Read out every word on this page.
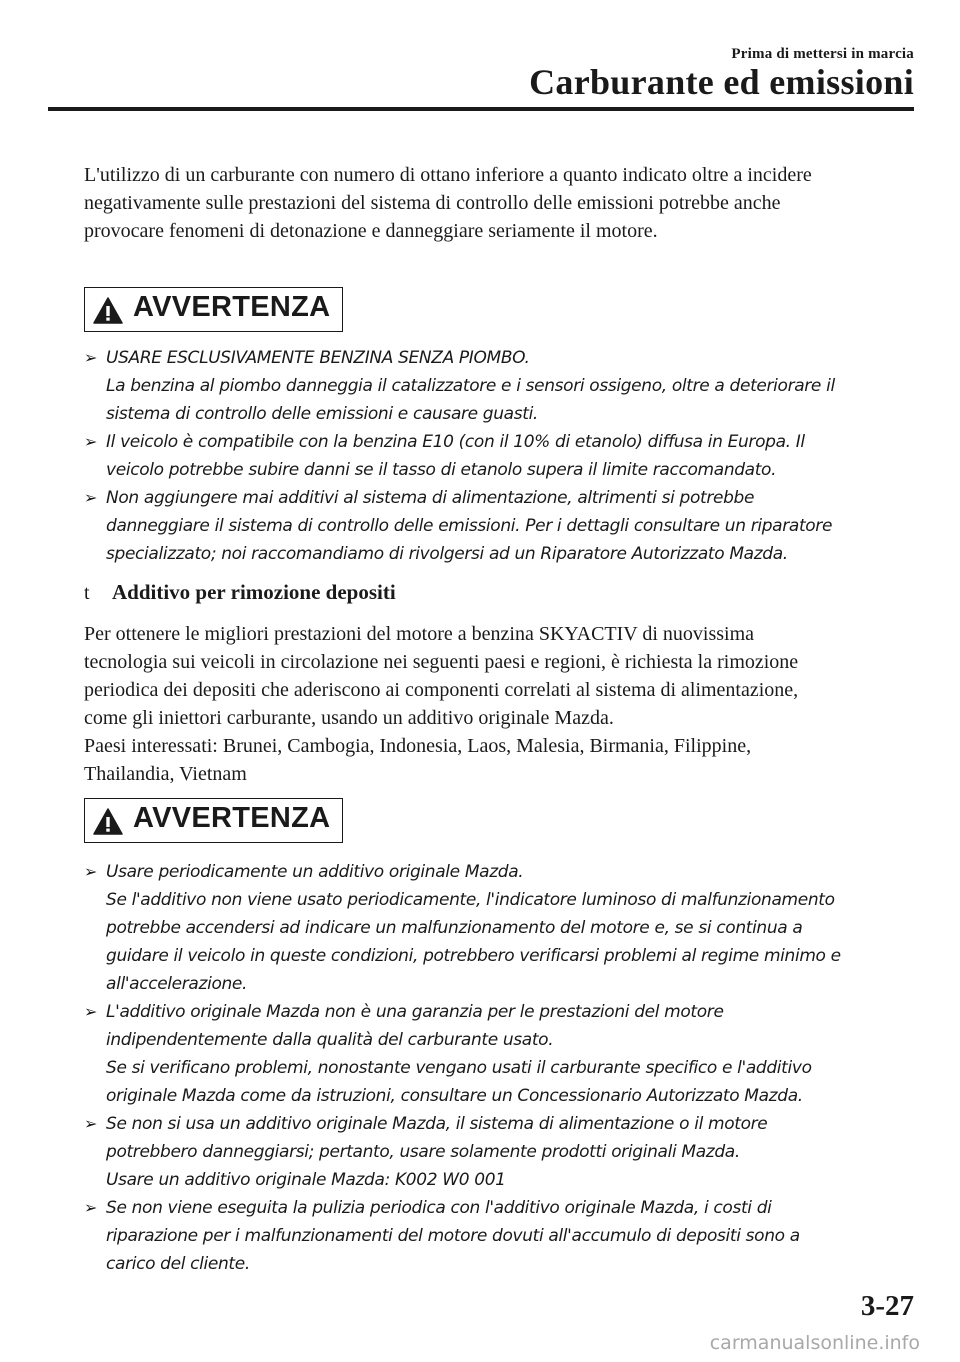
Prima di mettersi in marcia
Carburante ed emissioni

L'utilizzo di un carburante con numero di ottano inferiore a quanto indicato oltre a incidere

negativamente sulle prestazioni del sistema di controllo delle emissioni potrebbe anche

provocare fenomeni di detonazione e danneggiare seriamente il motore.

AVVERTENZA
➢ USARE ESCLUSIVAMENTE BENZINA SENZA PIOMBO.
La benzina al piombo danneggia il catalizzatore e i sensori ossigeno, oltre a deteriorare il
sistema di controllo delle emissioni e causare guasti.
➢ Il veicolo è compatibile con la benzina E10 (con il 10% di etanolo) diffusa in Europa. Il
veicolo potrebbe subire danni se il tasso di etanolo supera il limite raccomandato.
➢ Non aggiungere mai additivi al sistema di alimentazione, altrimenti si potrebbe
danneggiare il sistema di controllo delle emissioni. Per i dettagli consultare un riparatore
specializzato; noi raccomandiamo di rivolgersi ad un Riparatore Autorizzato Mazda.
t Additivo per rimozione depositi

Per ottenere le migliori prestazioni del motore a benzina SKYACTIV di nuovissima

tecnologia sui veicoli in circolazione nei seguenti paesi e regioni, è richiesta la rimozione

periodica dei depositi che aderiscono ai componenti correlati al sistema di alimentazione,

come gli iniettori carburante, usando un additivo originale Mazda.

Paesi interessati: Brunei, Cambogia, Indonesia, Laos, Malesia, Birmania, Filippine,

Thailandia, Vietnam

AVVERTENZA
➢ Usare periodicamente un additivo originale Mazda.
Se l'additivo non viene usato periodicamente, l'indicatore luminoso di malfunzionamento
potrebbe accendersi ad indicare un malfunzionamento del motore e, se si continua a
guidare il veicolo in queste condizioni, potrebbero verificarsi problemi al regime minimo e
all'accelerazione.
➢ L'additivo originale Mazda non è una garanzia per le prestazioni del motore
indipendentemente dalla qualità del carburante usato.
Se si verificano problemi, nonostante vengano usati il carburante specifico e l'additivo
originale Mazda come da istruzioni, consultare un Concessionario Autorizzato Mazda.
➢ Se non si usa un additivo originale Mazda, il sistema di alimentazione o il motore
potrebbero danneggiarsi; pertanto, usare solamente prodotti originali Mazda.
Usare un additivo originale Mazda: K002 W0 001
➢ Se non viene eseguita la pulizia periodica con l'additivo originale Mazda, i costi di
riparazione per i malfunzionamenti del motore dovuti all'accumulo di depositi sono a
carico del cliente.
3-27
carmanualsonline.info
